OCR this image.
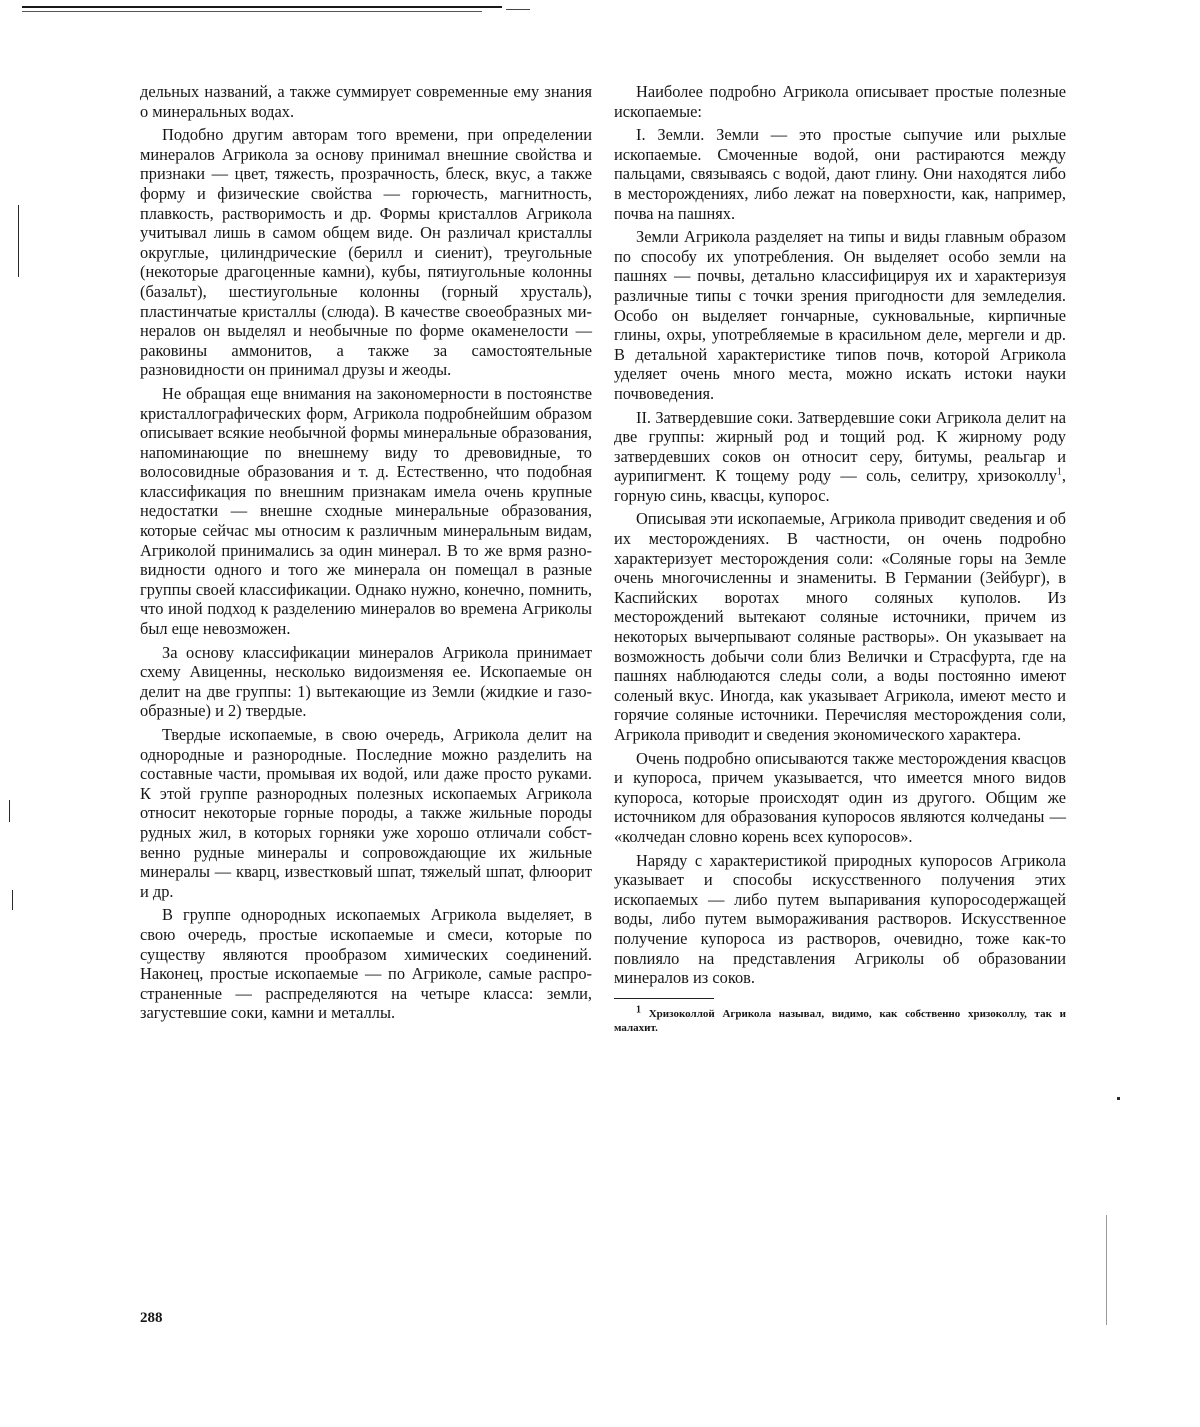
дельных названий, а также суммирует современные ему знания о минеральных водах.

Подобно другим авторам того времени, при определении минералов Агрикола за основу принимал внешние свойства и признаки — цвет, тяжесть, прозрачность, блеск, вкус, а также форму и физические свойства — горючесть, магнитность, плавкость, растворимость и др. Формы кристаллов Агрикола учитывал лишь в самом общем виде. Он различал кристаллы округлые, цилиндрические (берилл и сиенит), треугольные (некоторые драгоценные камни), кубы, пятиугольные колонны (базальт), шестиугольные колонны (горный хрусталь), пластинчатые кристаллы (слюда). В качестве своеобразных минералов он выделял и необычные по форме окаменелости — раковины аммонитов, а также за самостоятельные разновидности он принимал друзы и жеоды.

Не обращая еще внимания на закономерности в постоянстве кристаллографических форм, Агрикола подробнейшим образом описывает всякие необычной формы минеральные образования, напоминающие по внешнему виду то древовидные, то волосовидные образования и т. д. Естественно, что подобная классификация по внешним признакам имела очень крупные недостатки — внешне сходные минеральные образования, которые сейчас мы относим к различным минеральным видам, Агриколой принимались за один минерал. В то же врмя разновидности одного и того же минерала он помещал в разные группы своей классификации. Однако нужно, конечно, помнить, что иной подход к разделению минералов во времена Агриколы был еще невозможен.

За основу классификации минералов Агрикола принимает схему Авиценны, несколько видоизменяя ее. Ископаемые он делит на две группы: 1) вытекающие из Земли (жидкие и газообразные) и 2) твердые.

Твердые ископаемые, в свою очередь, Агрикола делит на однородные и разнородные. Последние можно разделить на составные части, промывая их водой, или даже просто руками. К этой группе разнородных полезных ископаемых Агрикола относит некоторые горные породы, а также жильные породы рудных жил, в которых горняки уже хорошо отличали собственно рудные минералы и сопровождающие их жильные минералы — кварц, известковый шпат, тяжелый шпат, флюорит и др.

В группе однородных ископаемых Агрикола выделяет, в свою очередь, простые ископаемые и смеси, которые по существу являются прообразом химических соединений. Наконец, простые ископаемые — по Агриколе, самые распространенные — распределяются на четыре класса: земли, загустевшие соки, камни и металлы.

Наиболее подробно Агрикола описывает простые полезные ископаемые:

I. Земли. Земли — это простые сыпучие или рыхлые ископаемые. Смоченные водой, они растираются между пальцами, связываясь с водой, дают глину. Они находятся либо в месторождениях, либо лежат на поверхности, как, например, почва на пашнях.

Земли Агрикола разделяет на типы и виды главным образом по способу их употребления. Он выделяет особо земли на пашнях — почвы, детально классифицируя их и характеризуя различные типы с точки зрения пригодности для земледелия. Особо он выделяет гончарные, сукновальные, кирпичные глины, охры, употребляемые в красильном деле, мергели и др. В детальной характеристике типов почв, которой Агрикола уделяет очень много места, можно искать истоки науки почвоведения.

II. Затвердевшие соки. Затвердевшие соки Агрикола делит на две группы: жирный род и тощий род. К жирному роду затвердевших соков он относит серу, битумы, реальгар и аурипигмент. К тощему роду — соль, селитру, хризоколлу$^1$, горную синь, квасцы, купорос.

Описывая эти ископаемые, Агрикола приводит сведения и об их месторождениях. В частности, он очень подробно характеризует месторождения соли: «Соляные горы на Земле очень многочисленны и знамениты. В Германии (Зейбург), в Каспийских воротах много соляных куполов. Из месторождений вытекают соляные источники, причем из некоторых вычерпывают соляные растворы». Он указывает на возможность добычи соли близ Велички и Страсфурта, где на пашнях наблюдаются следы соли, а воды постоянно имеют соленый вкус. Иногда, как указывает Агрикола, имеют место и горячие соляные источники. Перечисляя месторождения соли, Агрикола приводит и сведения экономического характера.

Очень подробно описываются также месторождения квасцов и купороса, причем указывается, что имеется много видов купороса, которые происходят один из другого. Общим же источником для образования купоросов являются колчеданы — «колчедан словно корень всех купоросов».

Наряду с характеристикой природных купоросов Агрикола указывает и способы искусственного получения этих ископаемых — либо путем выпаривания купоросодержащей воды, либо путем вымораживания растворов. Искусственное получение купороса из растворов, очевидно, тоже как-то повлияло на представления Агриколы об образовании минералов из соков.

1 Хризоколлой Агрикола называл, видимо, как собственно хризоколлу, так и малахит.

288
